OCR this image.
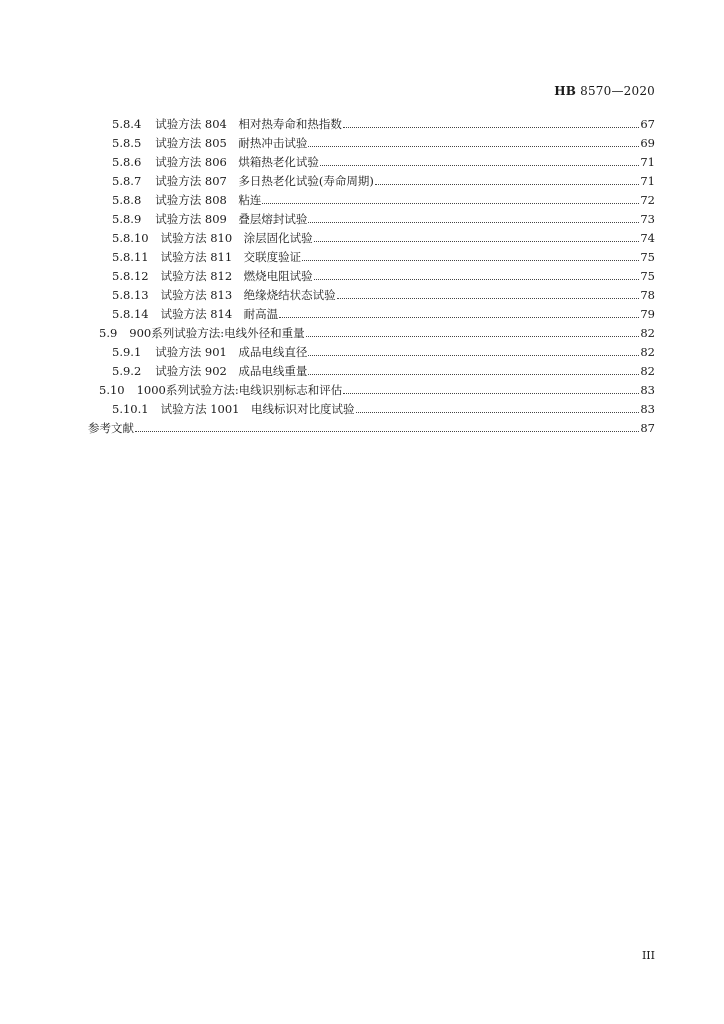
HB 8570—2020
5.8.4 试验方法 804　相对热寿命和热指数	67
5.8.5 试验方法 805　耐热冲击试验	69
5.8.6 试验方法 806　烘箱热老化试验	71
5.8.7 试验方法 807　多日热老化试验(寿命周期)	71
5.8.8 试验方法 808　粘连	72
5.8.9 试验方法 809　叠层熔封试验	73
5.8.10 试验方法 810　涂层固化试验	74
5.8.11 试验方法 811　交联度验证	75
5.8.12 试验方法 812　燃烧电阻试验	75
5.8.13 试验方法 813　绝缘烧结状态试验	78
5.8.14 试验方法 814　耐高温	79
5.9 900系列试验方法:电线外径和重量	82
5.9.1 试验方法 901　成品电线直径	82
5.9.2 试验方法 902　成品电线重量	82
5.10 1000系列试验方法:电线识别标志和评估	83
5.10.1 试验方法 1001　电线标识对比度试验	83
参考文献	87
III
